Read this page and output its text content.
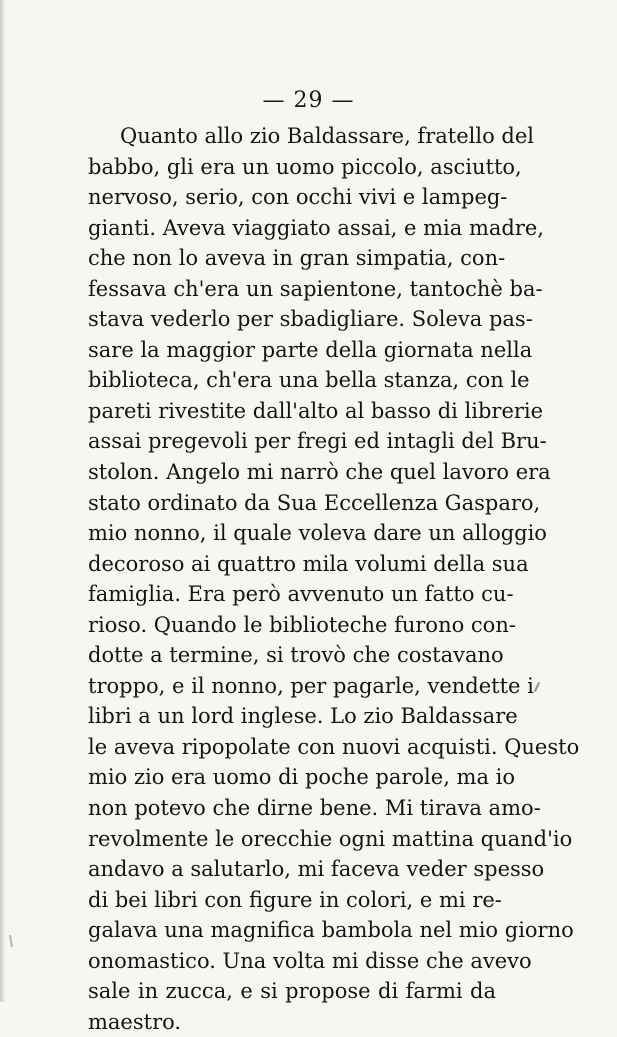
— 29 —
Quanto allo zio Baldassare, fratello del
babbo, gli era un uomo piccolo, asciutto,
nervoso, serio, con occhi vivi e lampeg-
gianti. Aveva viaggiato assai, e mia madre,
che non lo aveva in gran simpatia, con-
fessava ch'era un sapientone, tantochè ba-
stava vederlo per sbadigliare. Soleva pas-
sare la maggior parte della giornata nella
biblioteca, ch'era una bella stanza, con le
pareti rivestite dall'alto al basso di librerie
assai pregevoli per fregi ed intagli del Bru-
stolon. Angelo mi narrò che quel lavoro era
stato ordinato da Sua Eccellenza Gasparo,
mio nonno, il quale voleva dare un alloggio
decoroso ai quattro mila volumi della sua
famiglia. Era però avvenuto un fatto cu-
rioso. Quando le biblioteche furono con-
dotte a termine, si trovò che costavano
troppo, e il nonno, per pagarle, vendette i
libri a un lord inglese. Lo zio Baldassare
le aveva ripopolate con nuovi acquisti. Questo
mio zio era uomo di poche parole, ma io
non potevo che dirne bene. Mi tirava amo-
revolmente le orecchie ogni mattina quand'io
andavo a salutarlo, mi faceva veder spesso
di bei libri con figure in colori, e mi re-
galava una magnifica bambola nel mio giorno
onomastico. Una volta mi disse che avevo
sale in zucca, e si propose di farmi da
maestro.
